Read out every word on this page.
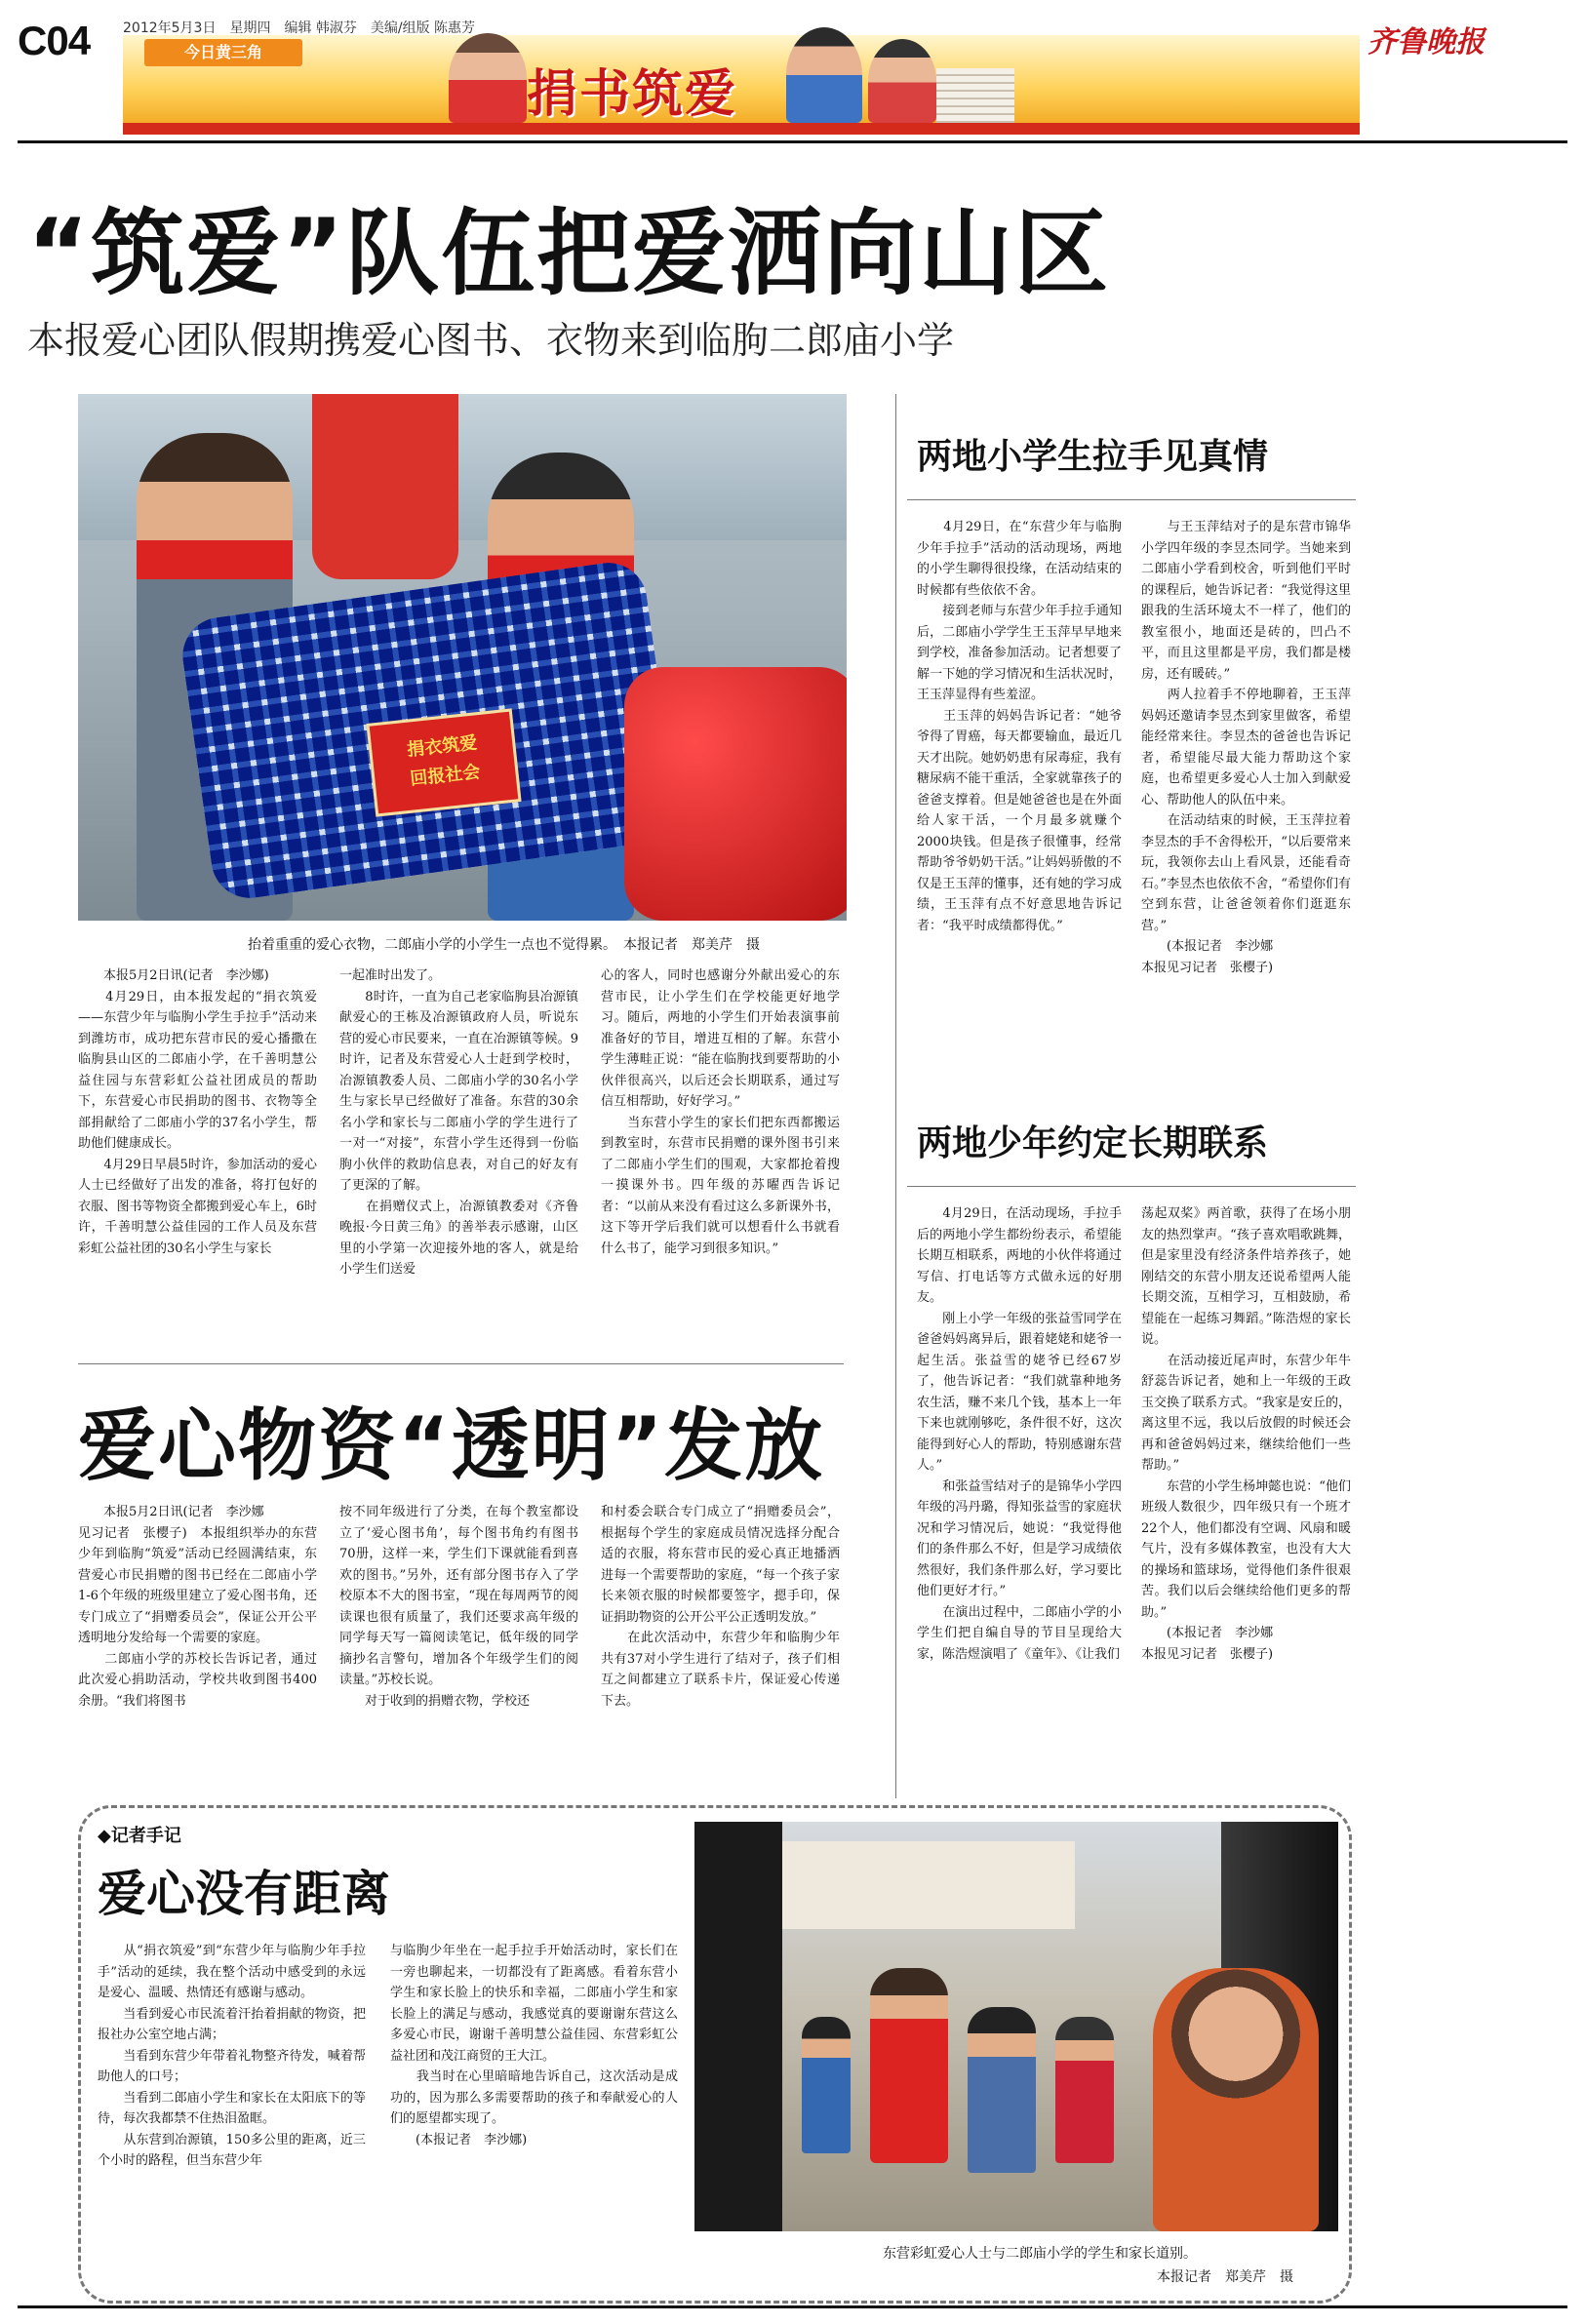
C04 2012年5月3日　星期四　编辑 韩淑芬　美编/组版 陈惠芳
今日黄三角
捐书筑爱
齐鲁晚报
“筑爱”队伍把爱洒向山区
本报爱心团队假期携爱心图书、衣物来到临朐二郎庙小学
捐衣筑爱
回报社会
抬着重重的爱心衣物，二郎庙小学的小学生一点也不觉得累。　本报记者　郑美芹　摄
　　本报5月2日讯(记者　李沙娜)
　　4月29日，由本报发起的“捐衣筑爱——东营少年与临朐小学生手拉手”活动来到潍坊市，成功把东营市民的爱心播撒在临朐县山区的二郎庙小学，在千善明慧公益住园与东营彩虹公益社团成员的帮助下，东营爱心市民捐助的图书、衣物等全部捐献给了二郎庙小学的37名小学生，帮助他们健康成长。
　　4月29日早晨5时许，参加活动的爱心人士已经做好了出发的准备，将打包好的衣服、图书等物资全都搬到爱心车上，6时许，千善明慧公益佳园的工作人员及东营彩虹公益社团的30名小学生与家长
一起准时出发了。
　　8时许，一直为自己老家临朐县冶源镇献爱心的王栋及冶源镇政府人员，听说东营的爱心市民要来，一直在冶源镇等候。9时许，记者及东营爱心人士赶到学校时，冶源镇教委人员、二郎庙小学的30名小学生与家长早已经做好了准备。东营的30余名小学和家长与二郎庙小学的学生进行了一对一“对接”，东营小学生还得到一份临朐小伙伴的救助信息表，对自己的好友有了更深的了解。
　　在捐赠仪式上，冶源镇教委对《齐鲁晚报·今日黄三角》的善举表示感谢，山区里的小学第一次迎接外地的客人，就是给小学生们送爱
心的客人，同时也感谢分外献出爱心的东营市民，让小学生们在学校能更好地学习。随后，两地的小学生们开始表演事前准备好的节目，增进互相的了解。东营小学生薄畦正说：“能在临朐找到要帮助的小伙伴很高兴，以后还会长期联系，通过写信互相帮助，好好学习。”
　　当东营小学生的家长们把东西都搬运到教室时，东营市民捐赠的课外图书引来了二郎庙小学生们的围观，大家都抢着搜一摸课外书。四年级的苏曜西告诉记者：“以前从来没有看过这么多新课外书，这下等开学后我们就可以想看什么书就看什么书了，能学习到很多知识。”
两地小学生拉手见真情
　　4月29日，在“东营少年与临朐少年手拉手”活动的活动现场，两地的小学生聊得很投缘，在活动结束的时候都有些依依不舍。
　　接到老师与东营少年手拉手通知后，二郎庙小学学生王玉萍早早地来到学校，准备参加活动。记者想要了解一下她的学习情况和生活状况时，王玉萍显得有些羞涩。
　　王玉萍的妈妈告诉记者：“她爷爷得了胃癌，每天都要输血，最近几天才出院。她奶奶患有尿毒症，我有糖尿病不能干重活，全家就靠孩子的爸爸支撑着。但是她爸爸也是在外面给人家干活，一个月最多就赚个2000块钱。但是孩子很懂事，经常帮助爷爷奶奶干活。”让妈妈骄傲的不仅是王玉萍的懂事，还有她的学习成绩，王玉萍有点不好意思地告诉记者：“我平时成绩都得优。”
　　与王玉萍结对子的是东营市锦华小学四年级的李昱杰同学。当她来到二郎庙小学看到校舍，听到他们平时的课程后，她告诉记者：“我觉得这里跟我的生活环境太不一样了，他们的教室很小，地面还是砖的，凹凸不平，而且这里都是平房，我们都是楼房，还有暖砖。”
　　两人拉着手不停地聊着，王玉萍妈妈还邀请李昱杰到家里做客，希望能经常来往。李昱杰的爸爸也告诉记者，希望能尽最大能力帮助这个家庭，也希望更多爱心人士加入到献爱心、帮助他人的队伍中来。
　　在活动结束的时候，王玉萍拉着李昱杰的手不舍得松开，“以后要常来玩，我领你去山上看风景，还能看奇石。”李昱杰也依依不舍，“希望你们有空到东营，让爸爸领着你们逛逛东营。”
　　(本报记者　李沙娜
本报见习记者　张樱子)
两地少年约定长期联系
　　4月29日，在活动现场，手拉手后的两地小学生都纷纷表示，希望能长期互相联系，两地的小伙伴将通过写信、打电话等方式做永远的好朋友。
　　刚上小学一年级的张益雪同学在爸爸妈妈离异后，跟着姥姥和姥爷一起生活。张益雪的姥爷已经67岁了，他告诉记者：“我们就靠种地务农生活，赚不来几个钱，基本上一年下来也就刚够吃，条件很不好，这次能得到好心人的帮助，特别感谢东营人。”
　　和张益雪结对子的是锦华小学四年级的冯丹璐，得知张益雪的家庭状况和学习情况后，她说：“我觉得他们的条件那么不好，但是学习成绩依然很好，我们条件那么好，学习要比他们更好才行。”
　　在演出过程中，二郎庙小学的小学生们把自编自导的节目呈现给大家，陈浩煜演唱了《童年》、《让我们
荡起双桨》两首歌，获得了在场小朋友的热烈掌声。“孩子喜欢唱歌跳舞，但是家里没有经济条件培养孩子，她刚结交的东营小朋友还说希望两人能长期交流，互相学习，互相鼓励，希望能在一起练习舞蹈。”陈浩煜的家长说。
　　在活动接近尾声时，东营少年牛舒蕊告诉记者，她和上一年级的王政玉交换了联系方式。“我家是安丘的，离这里不远，我以后放假的时候还会再和爸爸妈妈过来，继续给他们一些帮助。”
　　东营的小学生杨坤懿也说：“他们班级人数很少，四年级只有一个班才22个人，他们都没有空调、风扇和暖气片，没有多媒体教室，也没有大大的操场和篮球场，觉得他们条件很艰苦。我们以后会继续给他们更多的帮助。”
　　(本报记者　李沙娜
本报见习记者　张樱子)
爱心物资“透明”发放
　　本报5月2日讯(记者　李沙娜
见习记者　张樱子)　本报组织举办的东营少年到临朐“筑爱”活动已经圆满结束，东营爱心市民捐赠的图书已经在二郎庙小学1-6个年级的班级里建立了爱心图书角，还专门成立了“捐赠委员会”，保证公开公平透明地分发给每一个需要的家庭。
　　二郎庙小学的苏校长告诉记者，通过此次爱心捐助活动，学校共收到图书400余册。“我们将图书
按不同年级进行了分类，在每个教室都设立了‘爱心图书角’，每个图书角约有图书70册，这样一来，学生们下课就能看到喜欢的图书。”另外，还有部分图书存入了学校原本不大的图书室，“现在每周两节的阅读课也很有质量了，我们还要求高年级的同学每天写一篇阅读笔记，低年级的同学摘抄名言警句，增加各个年级学生们的阅读量。”苏校长说。
　　对于收到的捐赠衣物，学校还
和村委会联合专门成立了“捐赠委员会”，根据每个学生的家庭成员情况选择分配合适的衣服，将东营市民的爱心真正地播洒进每一个需要帮助的家庭，“每一个孩子家长来领衣服的时候都要签字，摁手印，保证捐助物资的公开公平公正透明发放。”
　　在此次活动中，东营少年和临朐少年共有37对小学生进行了结对子，孩子们相互之间都建立了联系卡片，保证爱心传递下去。
◆记者手记
爱心没有距离
　　从“捐衣筑爱”到“东营少年与临朐少年手拉手”活动的延续，我在整个活动中感受到的永远是爱心、温暖、热情还有感谢与感动。
　　当看到爱心市民流着汗抬着捐献的物资，把报社办公室空地占满；
　　当看到东营少年带着礼物整齐待发，喊着帮助他人的口号；
　　当看到二郎庙小学生和家长在太阳底下的等待，每次我都禁不住热泪盈眶。
　　从东营到冶源镇，150多公里的距离，近三个小时的路程，但当东营少年
与临朐少年坐在一起手拉手开始活动时，家长们在一旁也聊起来，一切都没有了距离感。看着东营小学生和家长脸上的快乐和幸福，二郎庙小学生和家长脸上的满足与感动，我感觉真的要谢谢东营这么多爱心市民，谢谢千善明慧公益佳园、东营彩虹公益社团和茂江商贸的王大江。
　　我当时在心里暗暗地告诉自己，这次活动是成功的，因为那么多需要帮助的孩子和奉献爱心的人们的愿望都实现了。
　　(本报记者　李沙娜)
东营彩虹爱心人士与二郎庙小学的学生和家长道别。
本报记者　郑美芹　摄
